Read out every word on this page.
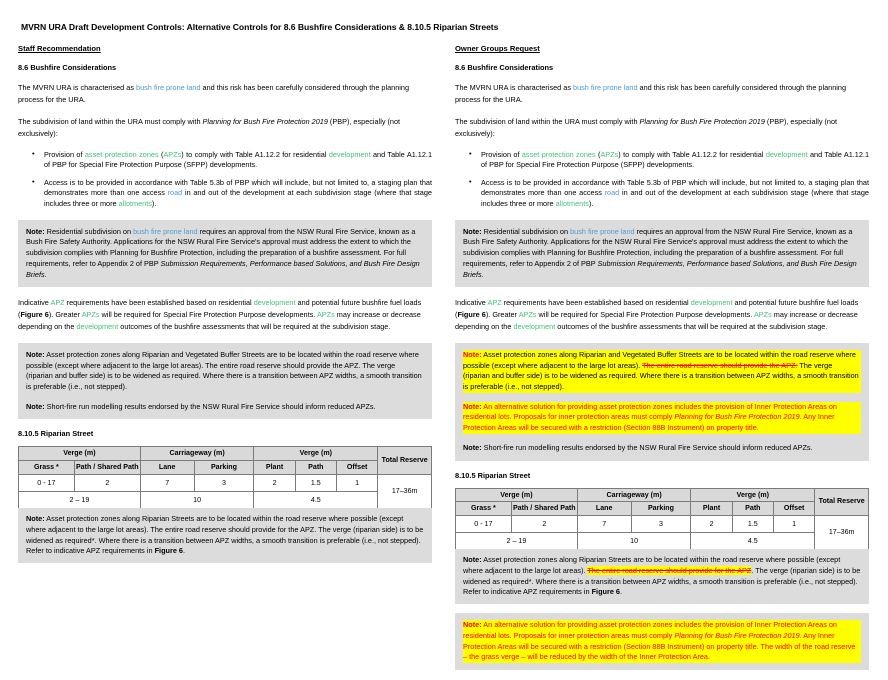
MVRN URA Draft Development Controls: Alternative Controls for 8.6 Bushfire Considerations & 8.10.5 Riparian Streets
Staff Recommendation
8.6 Bushfire Considerations

The MVRN URA is characterised as bush fire prone land and this risk has been carefully considered through the planning process for the URA.

The subdivision of land within the URA must comply with Planning for Bush Fire Protection 2019 (PBP), especially (not exclusively):

• Provision of asset protection zones (APZs) to comply with Table A1.12.2 for residential development and Table A1.12.1 of PBP for Special Fire Protection Purpose (SFPP) developments.
• Access is to be provided in accordance with Table 5.3b of PBP which will include, but not limited to, a staging plan that demonstrates more than one access road in and out of the development at each subdivision stage (where that stage includes three or more allotments).

Note: Residential subdivision on bush fire prone land requires an approval from the NSW Rural Fire Service, known as a Bush Fire Safety Authority. Applications for the NSW Rural Fire Service's approval must address the extent to which the subdivision complies with Planning for Bushfire Protection, including the preparation of a bushfire assessment. For full requirements, refer to Appendix 2 of PBP Submission Requirements, Performance based Solutions, and Bush Fire Design Briefs.

Indicative APZ requirements have been established based on residential development and potential future bushfire fuel loads (Figure 6). Greater APZs will be required for Special Fire Protection Purpose developments. APZs may increase or decrease depending on the development outcomes of the bushfire assessments that will be required at the subdivision stage.

Note: Asset protection zones along Riparian and Vegetated Buffer Streets are to be located within the road reserve where possible (except where adjacent to the large lot areas). The entire road reserve should provide the APZ. The verge (riparian and buffer side) is to be widened as required. Where there is a transition between APZ widths, a smooth transition is preferable (i.e., not stepped).

Note: Short-fire run modelling results endorsed by the NSW Rural Fire Service should inform reduced APZs.

8.10.5 Riparian Street
Verge (m)		Carriageway (m)		Verge (m)			Total Reserve
Grass *	Path / Shared Path	Lane	Parking	Plant	Path	Offset	
0 - 17	2	7	3	2	1.5	1	17–36m
2 – 19		10		4.5			

Note: Asset protection zones along Riparian Streets are to be located within the road reserve where possible (except where adjacent to the large lot areas). The entire road reserve should provide for the APZ. The verge (riparian side) is to be widened as required*. Where there is a transition between APZ widths, a smooth transition is preferable (i.e., not stepped). Refer to indicative APZ requirements in Figure 6.

Owner Groups Request
8.6 Bushfire Considerations

The MVRN URA is characterised as bush fire prone land and this risk has been carefully considered through the planning process for the URA.

The subdivision of land within the URA must comply with Planning for Bush Fire Protection 2019 (PBP), especially (not exclusively):

• Provision of asset protection zones (APZs) to comply with Table A1.12.2 for residential development and Table A1.12.1 of PBP for Special Fire Protection Purpose (SFPP) developments.
• Access is to be provided in accordance with Table 5.3b of PBP which will include, but not limited to, a staging plan that demonstrates more than one access road in and out of the development at each subdivision stage (where that stage includes three or more allotments).

Note: Residential subdivision on bush fire prone land requires an approval from the NSW Rural Fire Service, known as a Bush Fire Safety Authority. Applications for the NSW Rural Fire Service's approval must address the extent to which the subdivision complies with Planning for Bushfire Protection, including the preparation of a bushfire assessment. For full requirements, refer to Appendix 2 of PBP Submission Requirements, Performance based Solutions, and Bush Fire Design Briefs.

Indicative APZ requirements have been established based on residential development and potential future bushfire fuel loads (Figure 6). Greater APZs will be required for Special Fire Protection Purpose developments. APZs may increase or decrease depending on the development outcomes of the bushfire assessments that will be required at the subdivision stage.

Note: Asset protection zones along Riparian and Vegetated Buffer Streets are to be located within the road reserve where possible (except where adjacent to the large lot areas). The entire road reserve should provide the APZ. The verge (riparian and buffer side) is to be widened as required. Where there is a transition between APZ widths, a smooth transition is preferable (i.e., not stepped).

Note: An alternative solution for providing asset protection zones includes the provision of Inner Protection Areas on residential lots. Proposals for inner protection areas must comply Planning for Bush Fire Protection 2019. Any Inner Protection Areas will be secured with a restriction (Section 88B Instrument) on property title.

Note: Short-fire run modelling results endorsed by the NSW Rural Fire Service should inform reduced APZs.

8.10.5 Riparian Street
Verge (m)		Carriageway (m)		Verge (m)			Total Reserve
Grass *	Path / Shared Path	Lane	Parking	Plant	Path	Offset	
0 - 17	2	7	3	2	1.5	1	17–36m
2 – 19		10		4.5			

Note: Asset protection zones along Riparian Streets are to be located within the road reserve where possible (except where adjacent to the large lot areas). The entire road reserve should provide for the APZ. The verge (riparian side) is to be widened as required*. Where there is a transition between APZ widths, a smooth transition is preferable (i.e., not stepped). Refer to indicative APZ requirements in Figure 6.

Note: An alternative solution for providing asset protection zones includes the provision of Inner Protection Areas on residential lots. Proposals for inner protection areas must comply Planning for Bush Fire Protection 2019. Any Inner Protection Areas will be secured with a restriction (Section 88B Instrument) on property title. The width of the road reserve – the grass verge – will be reduced by the width of the Inner Protection Area.
